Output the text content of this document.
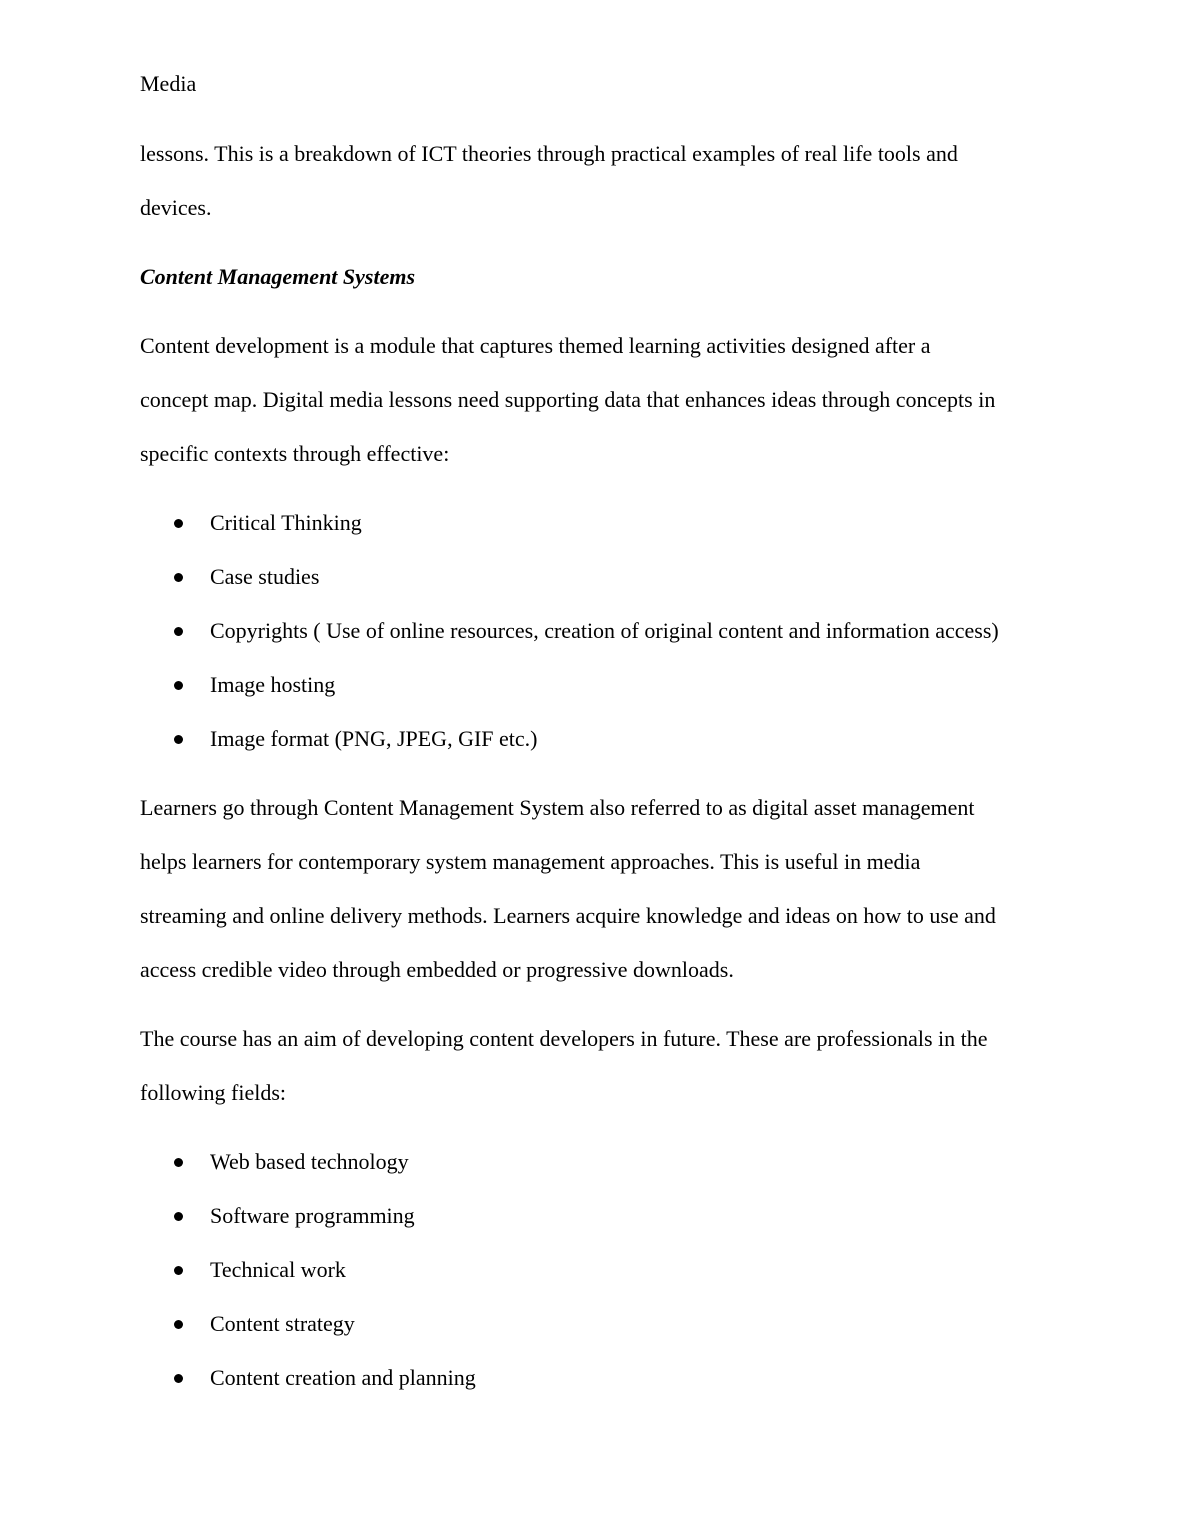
Media

lessons. This is a breakdown of ICT theories through practical examples of real life tools and

devices.

Content Management Systems

Content development is a module that captures themed learning activities designed after a

concept map. Digital media lessons need supporting data that enhances ideas through concepts in

specific contexts through effective:

Critical Thinking
Case studies
Copyrights ( Use of online resources, creation of original content and information access)
Image hosting
Image format (PNG, JPEG, GIF etc.)

Learners go through Content Management System also referred to as digital asset management

helps learners for contemporary system management approaches. This is useful in media

streaming and online delivery methods. Learners acquire knowledge and ideas on how to use and

access credible video through embedded or progressive downloads.

The course has an aim of developing content developers in future. These are professionals in the

following fields:

Web based technology
Software programming
Technical work
Content strategy
Content creation and planning
